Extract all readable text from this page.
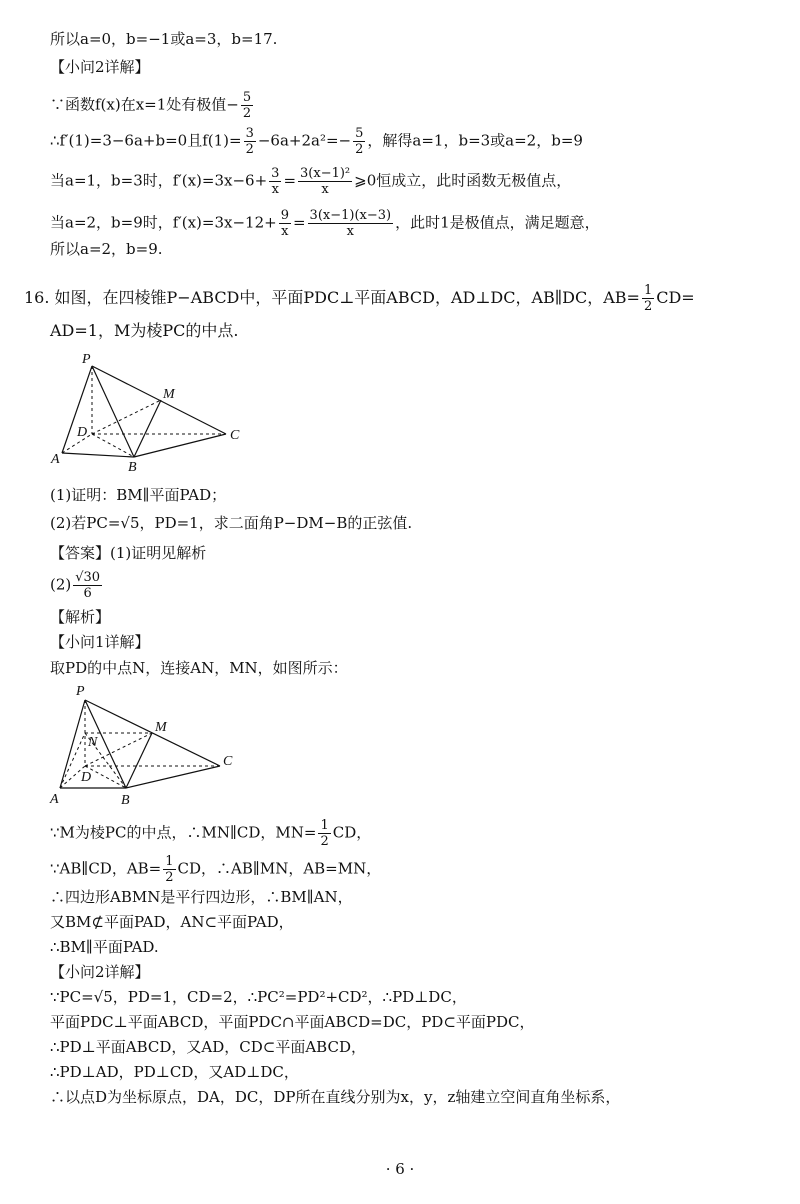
所以a=0，b=−1或a=3，b=17.
【小问2详解】
∵函数f(x)在x=1处有极值− $\frac{5}{2}$
∴f′(1)=3−6a+b=0且$f(1)= \frac{3}{2} -6a+2a^2=- \frac{5}{2}$ ，解得a=1，b=3或a=2，b=9
当a=1，b=3时，$f'(x)=3x-6+ \frac{3}{x} = \frac{\text{3(x−1)²}}{x}$ ⩾0恒成立，此时函数无极值点，
当a=2，b=9时，$f'(x)=3x-12+ \frac{9}{x} = \frac{3(x-1)(x-3)}{x}$ ，此时1是极值点，满足题意，
所以a=2，b=9.
16. 如图，在四棱锥P−ABCD中，平面PDC⊥平面ABCD，AD⊥DC，AB∥DC，$AB= \frac{1}{2} CD=$
AD=1，M为棱PC的中点.
P
M
D	C
A
B
(1)证明：BM∥平面PAD；
(2)若PC=√5，PD=1，求二面角P−DM−B的正弦值.
【答案】(1)证明见解析
$(2) \frac{√30}{6}$
【解析】
【小问1详解】
取PD的中点N，连接AN，MN，如图所示：
P
M
N
D
C
A	B
∵M为棱PC的中点，∴MN∥CD，$MN= \frac{1}{2}$ CD，
∵AB∥CD，$AB= \frac{1}{2}$ CD，∴AB∥MN，AB=MN，
∴四边形ABMN是平行四边形，∴BM∥AN，
又BM⊄平面PAD，AN⊂平面PAD，
∴BM∥平面PAD.
【小问2详解】
∵PC=√5，PD=1，CD=2，∴PC²=PD²+CD²，∴PD⊥DC，
平面PDC⊥平面ABCD，平面PDC∩平面ABCD=DC，PD⊂平面PDC，
∴PD⊥平面ABCD，又AD，CD⊂平面ABCD，
∴PD⊥AD，PD⊥CD，又AD⊥DC，
∴以点D为坐标原点，DA，DC，DP所在直线分别为x，y，z轴建立空间直角坐标系，
· 6 ·
